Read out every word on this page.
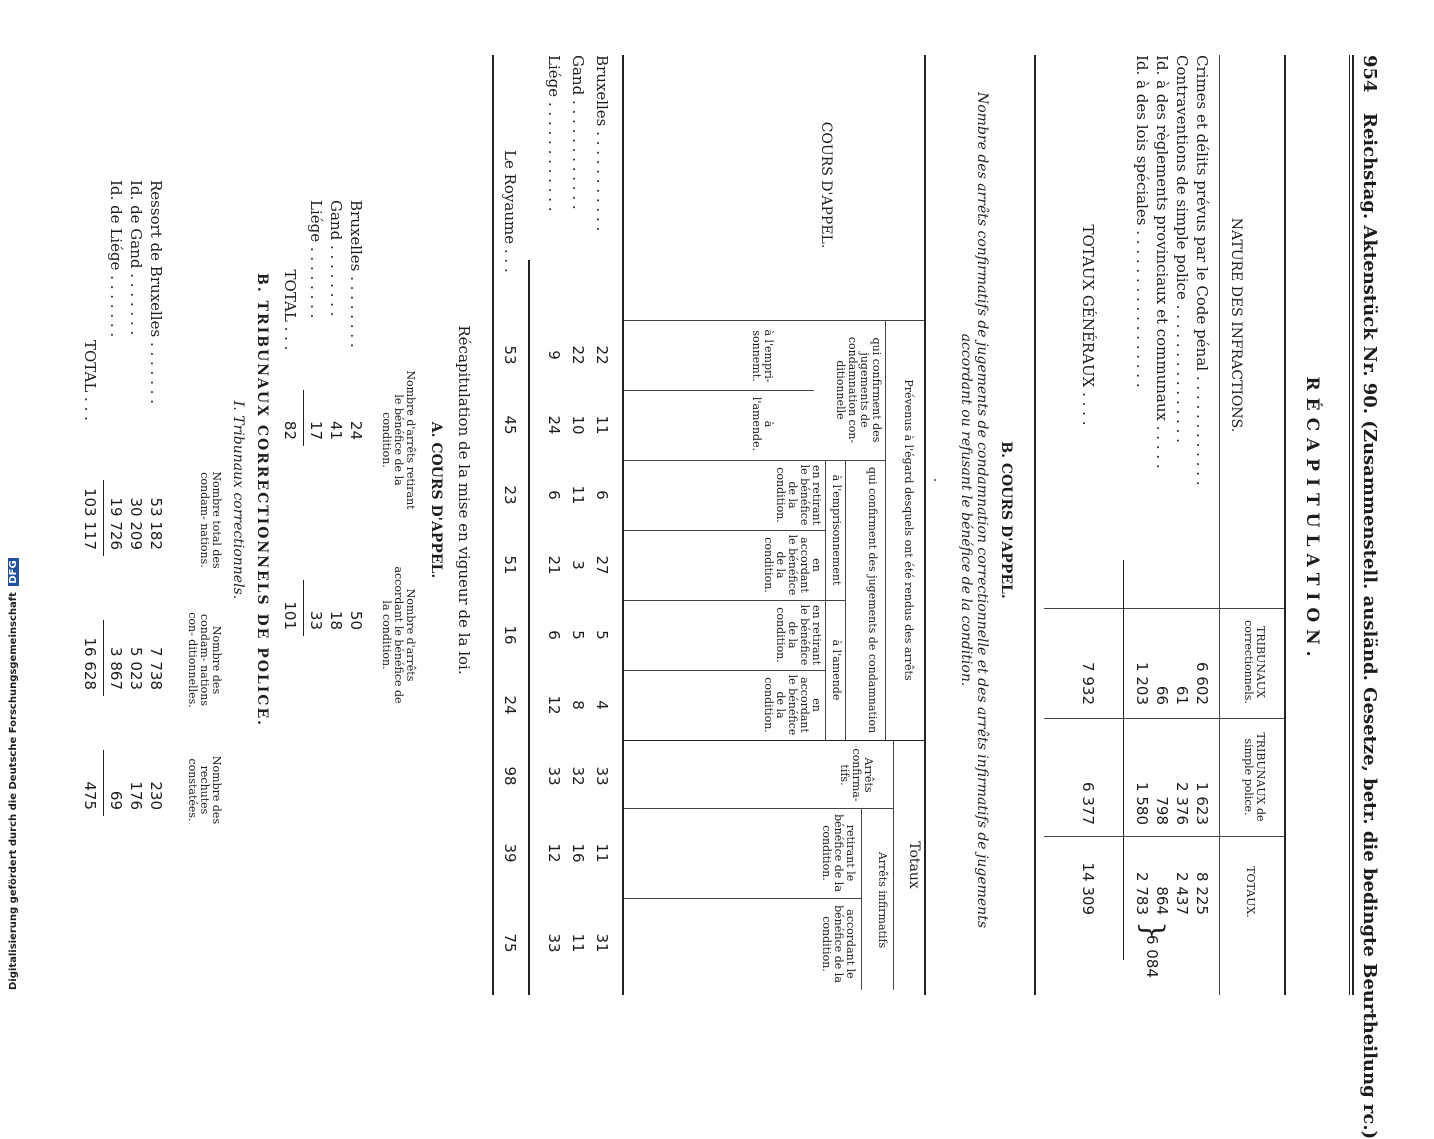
954 Reichstag. Aktenstück Nr. 90. (Zusammenstell. ausländ. Gesetze, betr. die bedingte Beurtheilung rc.)
RÉCAPITULATION.
NATURE DES INFRACTIONS.
TRIBUNAUX correctionnels.
TRIBUNAUX de simple police.
TOTAUX.
Crimes et délits prévus par le Code pénal . . . . . . . . . . . .
6 602
1 623
8 225
Contraventions de simple police . . . . . . . . . . . . . . .
61
2 376
2 437
Id. à des règlements provinciaux et communaux . . . . .
66
798
864
Id. à des lois spéciales . . . . . . . . . . . . . . . . .
1 203
1 580
2 783
}
6 084
TOTAUX GÉNÉRAUX . . . .
7 932
6 377
14 309
B. COURS D'APPEL.
Nombre des arrêts confirmatifs de jugements de condamnation correctionnelle et des arrêts infirmatifs de jugements accordant ou refusant le bénéfice de la condition.
.
COURS D'APPEL.
Prévenus à l'égard desquels ont été rendus des arrêts
qui confirment des jugements de condamnation con- ditionnelle
qui confirment des jugements de condamnation
à l'emprisonnement
à l'amende
à l'empri- sonnemt.
à l'amende.
en retirant le bénéfice de la condition.
en accordant le bénéfice de la condition.
en retirant le bénéfice de la condition.
en accordant le bénéfice de la condition.
Totaux
Arrêts confirma- tifs.
Arrêts infirmatifs
retirant le bénéfice de la condition.
accordant le bénéfice de la condition.
Bruxelles . . . . . . . . . . .
22
11
6
27
5
4
33
11
31
Gand . . . . . . . . . . . .
22
10
11
3
5
8
32
16
11
Liége . . . . . . . . . . . .
9
24
6
21
6
12
33
12
33
Le Royaume . . .
53
45
23
51
16
24
98
39
75
Récapitulation de la mise en vigueur de la loi.
A. COURS D'APPEL.
Nombre d'arrêts retirant le bénéfice de la condition.
Nombre d'arrêts accordant le bénéfice de la condition.
Bruxelles . . . . . . . .
24
50
Gand . . . . . . . .
41
18
Liége . . . . . . . .
17
33
TOTAL . . .
82
101
B. TRIBUNAUX CORRECTIONNELS DE POLICE.
I. Tribunaux correctionnels.
Nombre total des condam- nations.
Nombre des condam- nations con- ditionnelles.
Nombre des rechutes constatées.
Ressort de Bruxelles . . . . . . .
53 182
7 738
230
Id. de Gand . . . . . . .
30 209
5 023
176
Id. de Liége . . . . . . .
19 726
3 867
69
TOTAL . . .
103 117
16 628
475
Digitalisierung gefördert durch die Deutsche Forschungsgemeinschaft DFG
